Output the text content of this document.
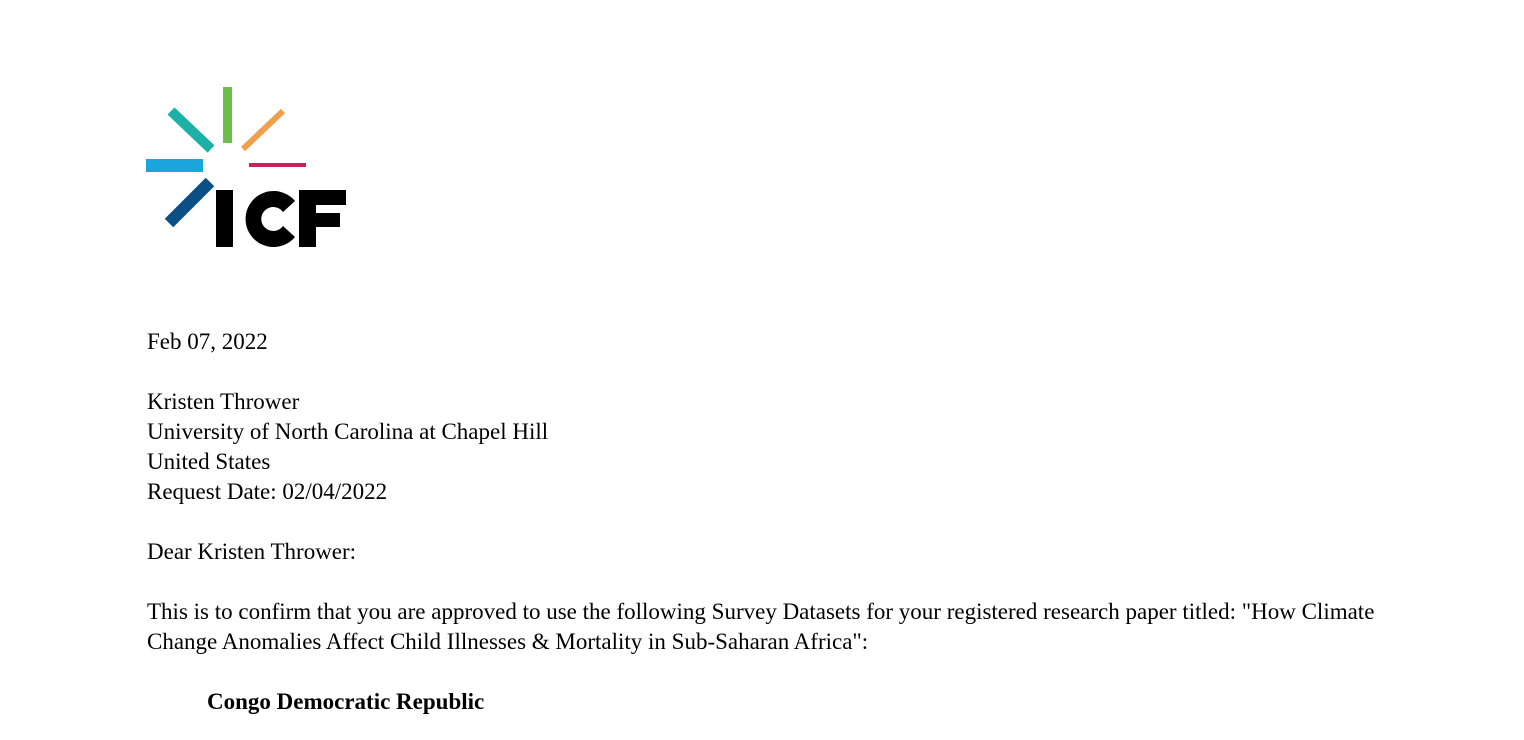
Feb 07, 2022
Kristen Thrower
University of North Carolina at Chapel Hill
United States
Request Date: 02/04/2022
Dear Kristen Thrower:
This is to confirm that you are approved to use the following Survey Datasets for your registered research paper titled: "How Climate
Change Anomalies Affect Child Illnesses & Mortality in Sub-Saharan Africa":
Congo Democratic Republic
